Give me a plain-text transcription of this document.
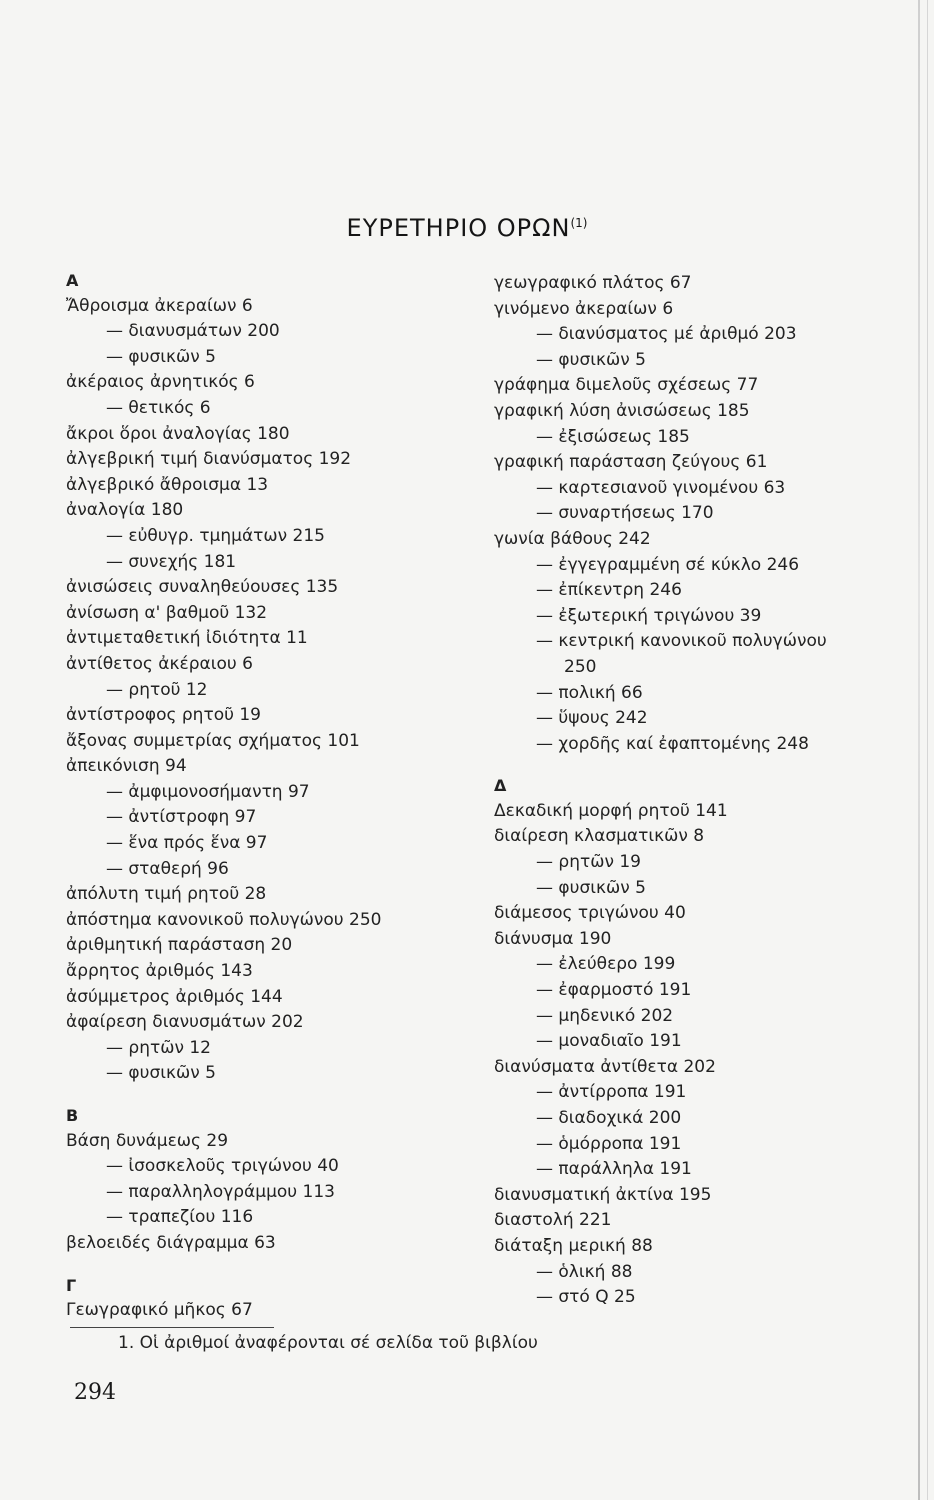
ΕΥΡΕΤΗΡΙΟ ΟΡΩΝ$^{(1)}$
Α
Ἄθροισμα ἀκεραίων 6
— διανυσμάτων 200
— φυσικῶν 5
ἀκέραιος ἀρνητικός 6
— θετικός 6
ἄκροι ὅροι ἀναλογίας 180
ἀλγεβρική τιμή διανύσματος 192
ἀλγεβρικό ἄθροισμα 13
ἀναλογία 180
— εὐθυγρ. τμημάτων 215
— συνεχής 181
ἀνισώσεις συναληθεύουσες 135
ἀνίσωση α' βαθμοῦ 132
ἀντιμεταθετική ἰδιότητα 11
ἀντίθετος ἀκέραιου 6
— ρητοῦ 12
ἀντίστροφος ρητοῦ 19
ἄξονας συμμετρίας σχήματος 101
ἀπεικόνιση 94
— ἀμφιμονοσήμαντη 97
— ἀντίστροφη 97
— ἕνα πρός ἕνα 97
— σταθερή 96
ἀπόλυτη τιμή ρητοῦ 28
ἀπόστημα κανονικοῦ πολυγώνου 250
ἀριθμητική παράσταση 20
ἄρρητος ἀριθμός 143
ἀσύμμετρος ἀριθμός 144
ἀφαίρεση διανυσμάτων 202
— ρητῶν 12
— φυσικῶν 5
Β
Βάση δυνάμεως 29
— ἰσοσκελοῦς τριγώνου 40
— παραλληλογράμμου 113
— τραπεζίου 116
βελοειδές διάγραμμα 63
Γ
Γεωγραφικό μῆκος 67
γεωγραφικό πλάτος 67
γινόμενο ἀκεραίων 6
— διανύσματος μέ ἀριθμό 203
— φυσικῶν 5
γράφημα διμελοῦς σχέσεως 77
γραφική λύση ἀνισώσεως 185
— ἐξισώσεως 185
γραφική παράσταση ζεύγους 61
— καρτεσιανοῦ γινομένου 63
— συναρτήσεως 170
γωνία βάθους 242
— ἐγγεγραμμένη σέ κύκλο 246
— ἐπίκεντρη 246
— ἐξωτερική τριγώνου 39
— κεντρική κανονικοῦ πολυγώνου
250
— πολική 66
— ὕψους 242
— χορδῆς καί ἐφαπτομένης 248
Δ
Δεκαδική μορφή ρητοῦ 141
διαίρεση κλασματικῶν 8
— ρητῶν 19
— φυσικῶν 5
διάμεσος τριγώνου 40
διάνυσμα 190
— ἐλεύθερο 199
— ἐφαρμοστό 191
— μηδενικό 202
— μοναδιαῖο 191
διανύσματα ἀντίθετα 202
— ἀντίρροπα 191
— διαδοχικά 200
— ὁμόρροπα 191
— παράλληλα 191
διανυσματική ἀκτίνα 195
διαστολή 221
διάταξη μερική 88
— ὁλική 88
— στό Q 25
1. Οἱ ἀριθμοί ἀναφέρονται σέ σελίδα τοῦ βιβλίου
294
